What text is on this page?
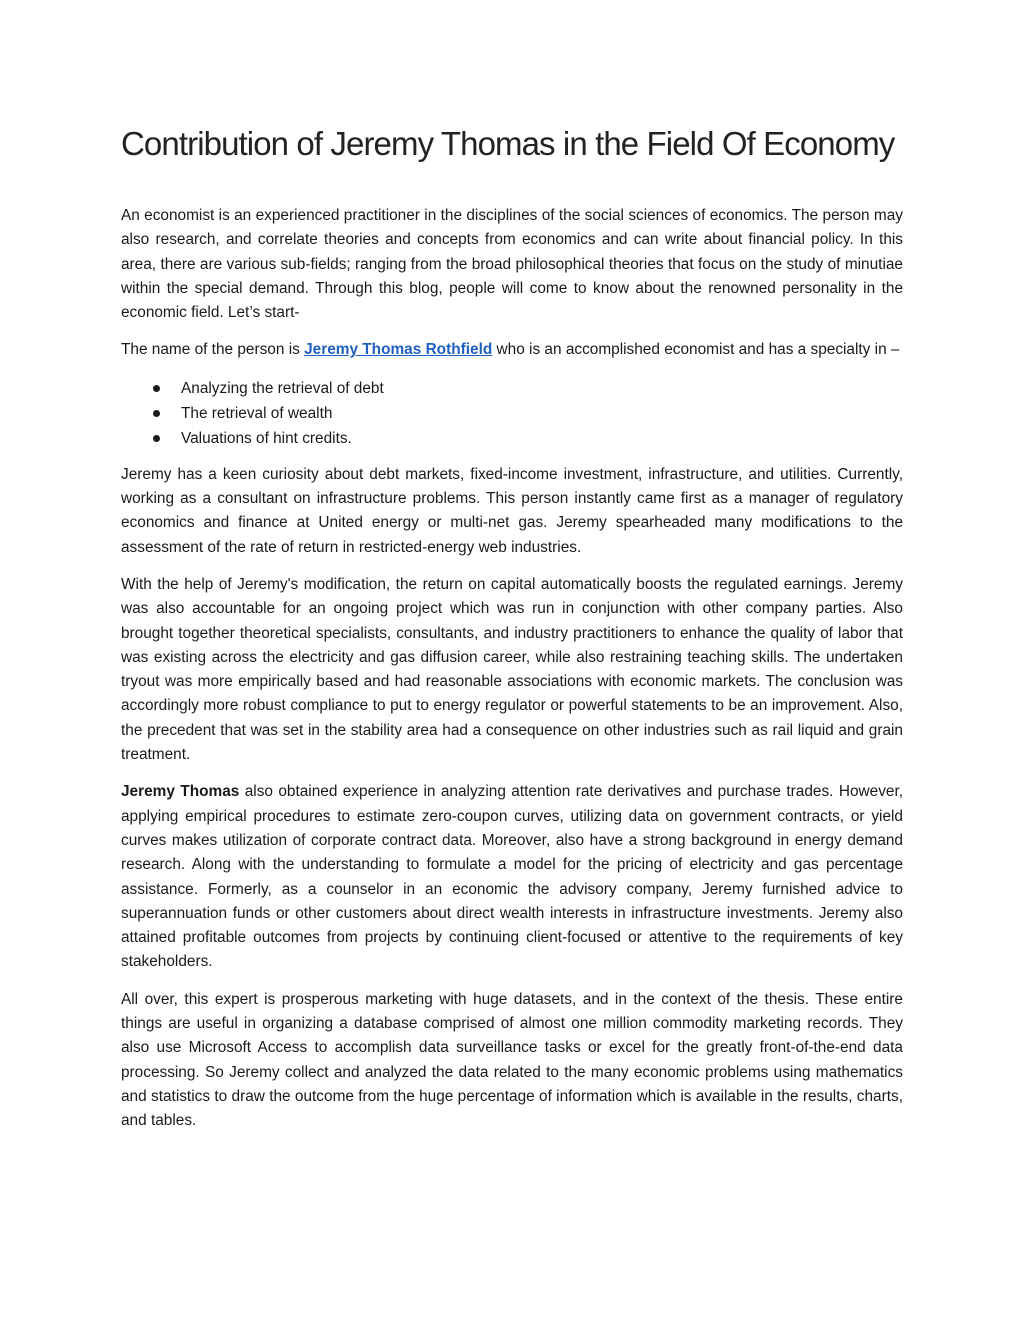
Contribution of Jeremy Thomas in the Field Of Economy

An economist is an experienced practitioner in the disciplines of the social sciences of economics. The person may also research, and correlate theories and concepts from economics and can write about financial policy. In this area, there are various sub-fields; ranging from the broad philosophical theories that focus on the study of minutiae within the special demand. Through this blog, people will come to know about the renowned personality in the economic field. Let’s start-

The name of the person is Jeremy Thomas Rothfield who is an accomplished economist and has a specialty in –

Analyzing the retrieval of debt
The retrieval of wealth
Valuations of hint credits.

Jeremy has a keen curiosity about debt markets, fixed-income investment, infrastructure, and utilities. Currently, working as a consultant on infrastructure problems. This person instantly came first as a manager of regulatory economics and finance at United energy or multi-net gas. Jeremy spearheaded many modifications to the assessment of the rate of return in restricted-energy web industries.

With the help of Jeremy's modification, the return on capital automatically boosts the regulated earnings. Jeremy was also accountable for an ongoing project which was run in conjunction with other company parties. Also brought together theoretical specialists, consultants, and industry practitioners to enhance the quality of labor that was existing across the electricity and gas diffusion career, while also restraining teaching skills. The undertaken tryout was more empirically based and had reasonable associations with economic markets. The conclusion was accordingly more robust compliance to put to energy regulator or powerful statements to be an improvement. Also, the precedent that was set in the stability area had a consequence on other industries such as rail liquid and grain treatment.

Jeremy Thomas also obtained experience in analyzing attention rate derivatives and purchase trades. However, applying empirical procedures to estimate zero-coupon curves, utilizing data on government contracts, or yield curves makes utilization of corporate contract data. Moreover, also have a strong background in energy demand research. Along with the understanding to formulate a model for the pricing of electricity and gas percentage assistance. Formerly, as a counselor in an economic the advisory company, Jeremy furnished advice to superannuation funds or other customers about direct wealth interests in infrastructure investments. Jeremy also attained profitable outcomes from projects by continuing client-focused or attentive to the requirements of key stakeholders.

All over, this expert is prosperous marketing with huge datasets, and in the context of the thesis. These entire things are useful in organizing a database comprised of almost one million commodity marketing records. They also use Microsoft Access to accomplish data surveillance tasks or excel for the greatly front-of-the-end data processing. So Jeremy collect and analyzed the data related to the many economic problems using mathematics and statistics to draw the outcome from the huge percentage of information which is available in the results, charts, and tables.
